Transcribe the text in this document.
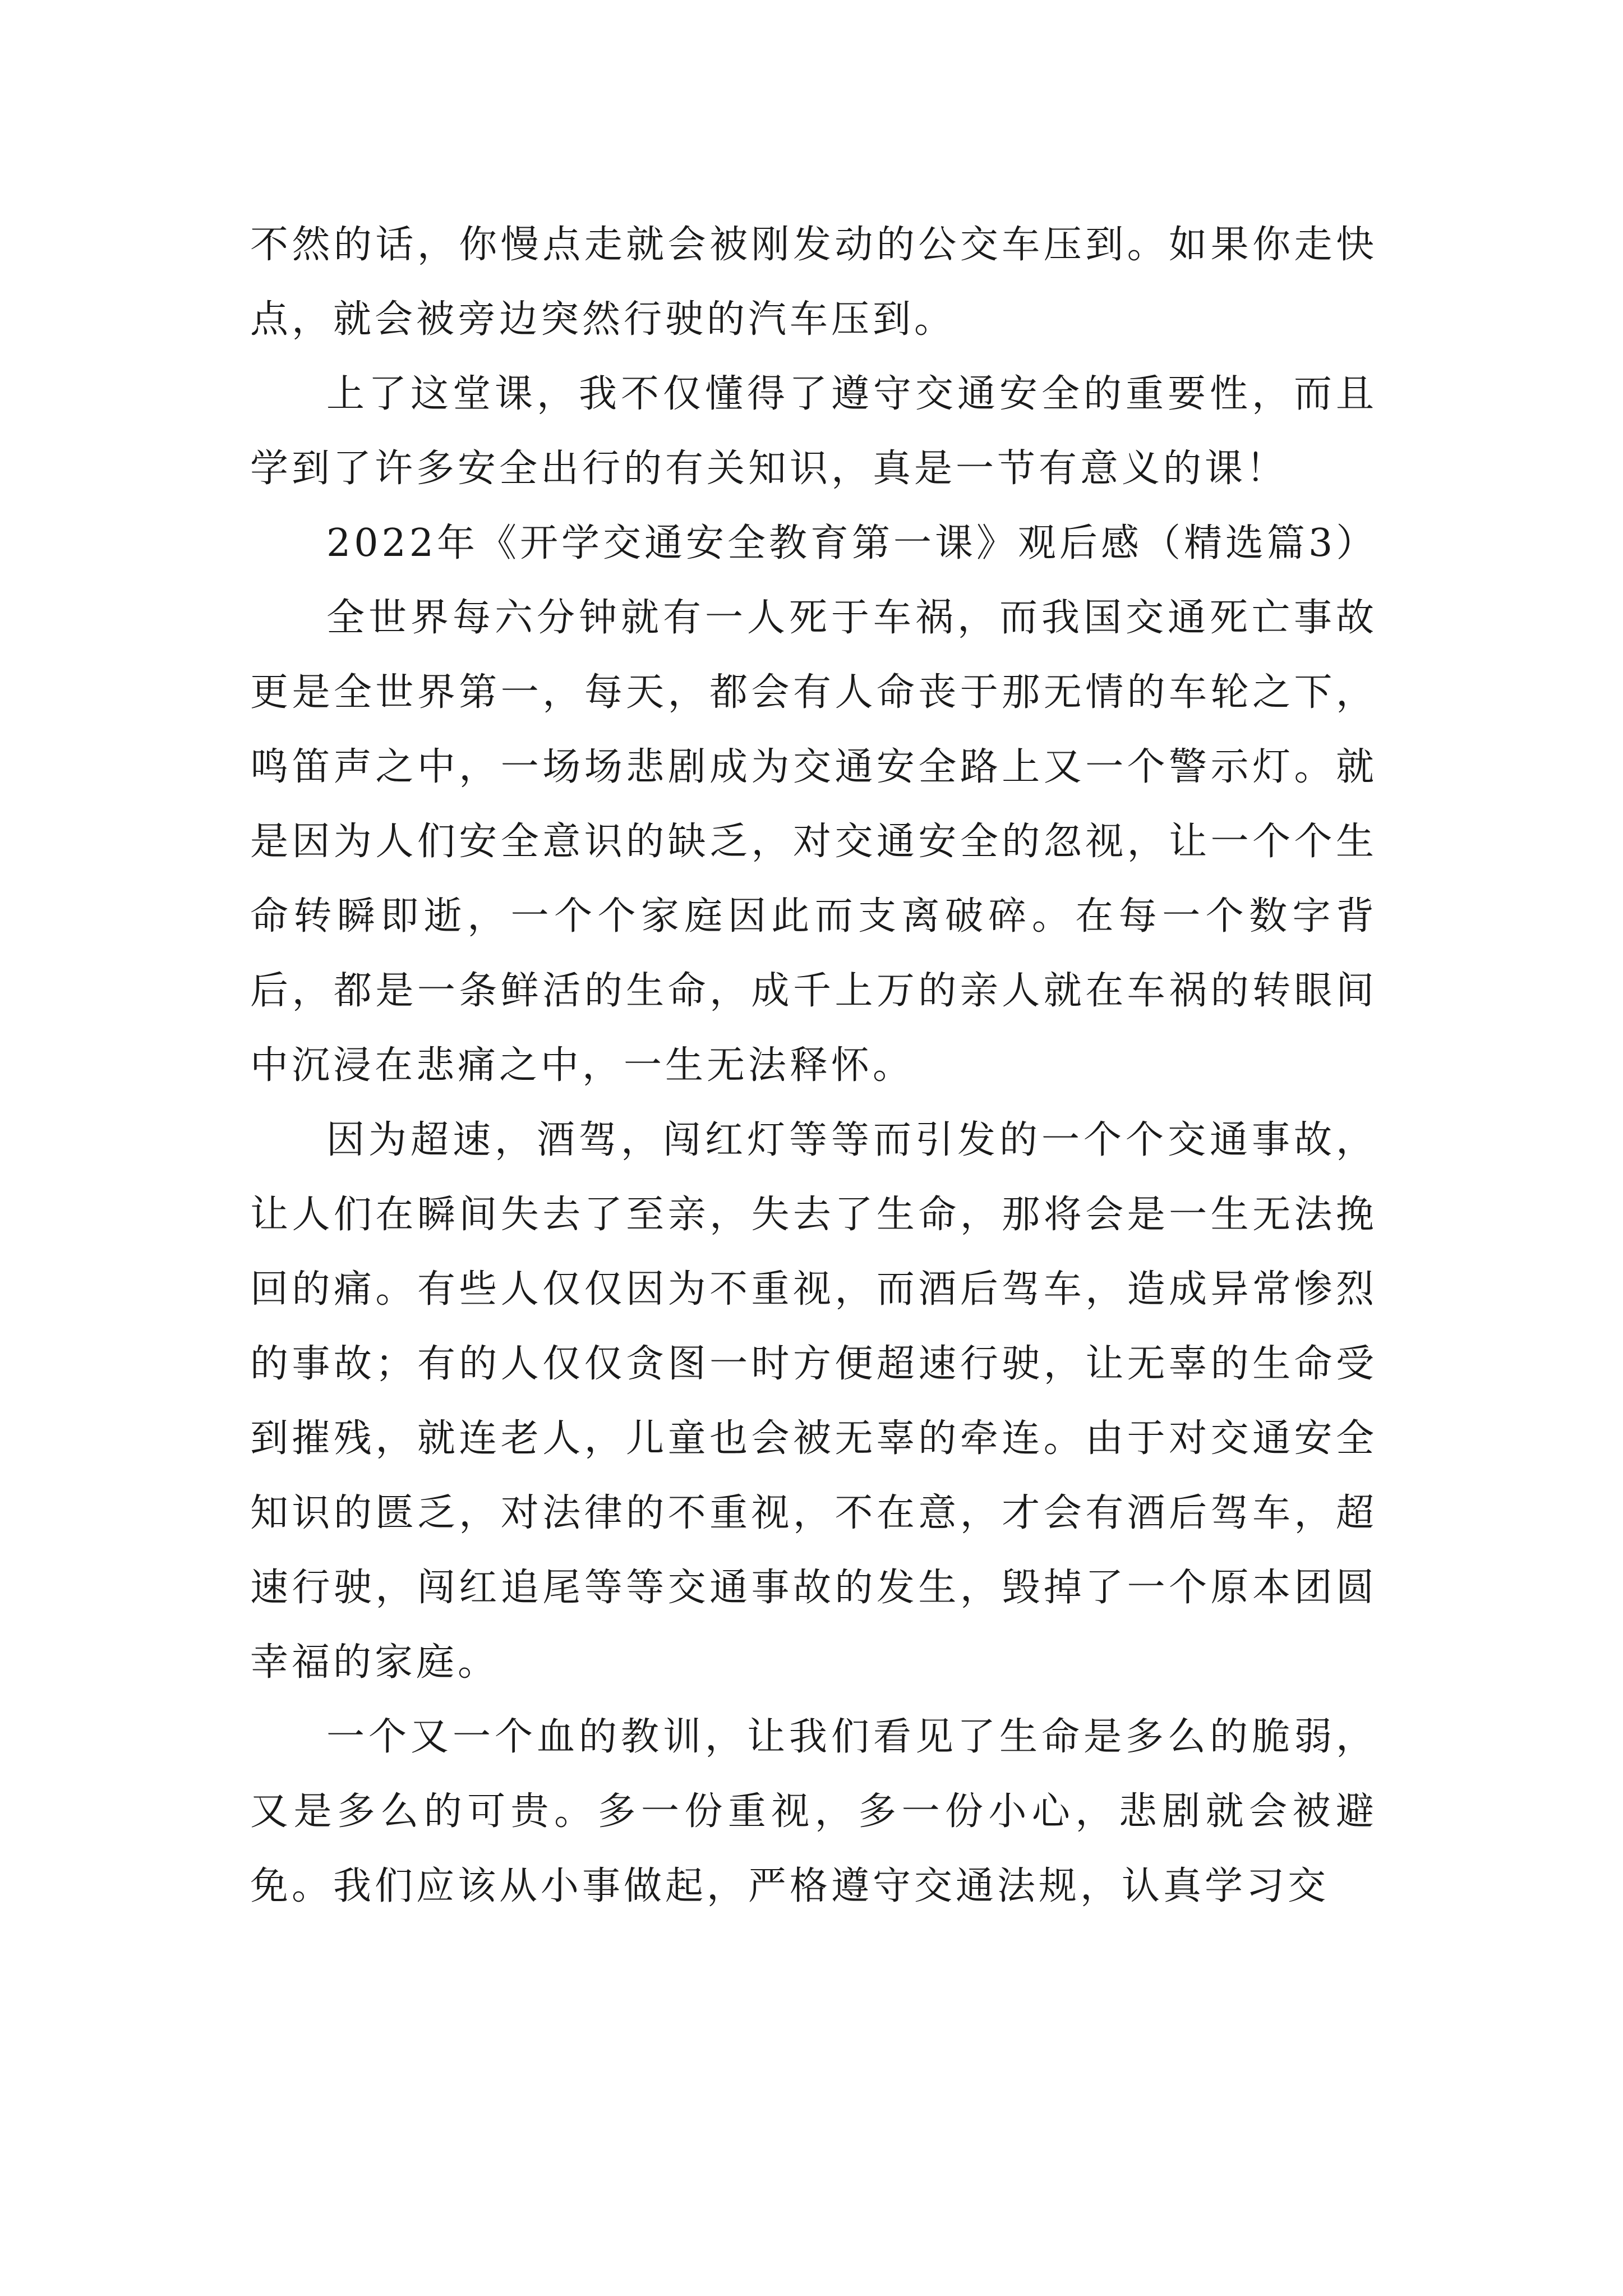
不然的话，你慢点走就会被刚发动的公交车压到。如果你走快点，就会被旁边突然行驶的汽车压到。

上了这堂课，我不仅懂得了遵守交通安全的重要性，而且学到了许多安全出行的有关知识，真是一节有意义的课！

2022年《开学交通安全教育第一课》观后感（精选篇3）

全世界每六分钟就有一人死于车祸，而我国交通死亡事故更是全世界第一，每天，都会有人命丧于那无情的车轮之下，鸣笛声之中，一场场悲剧成为交通安全路上又一个警示灯。就是因为人们安全意识的缺乏，对交通安全的忽视，让一个个生命转瞬即逝，一个个家庭因此而支离破碎。在每一个数字背后，都是一条鲜活的生命，成千上万的亲人就在车祸的转眼间中沉浸在悲痛之中，一生无法释怀。

因为超速，酒驾，闯红灯等等而引发的一个个交通事故，让人们在瞬间失去了至亲，失去了生命，那将会是一生无法挽回的痛。有些人仅仅因为不重视，而酒后驾车，造成异常惨烈的事故；有的人仅仅贪图一时方便超速行驶，让无辜的生命受到摧残，就连老人，儿童也会被无辜的牵连。由于对交通安全知识的匮乏，对法律的不重视，不在意，才会有酒后驾车，超速行驶，闯红追尾等等交通事故的发生，毁掉了一个原本团圆幸福的家庭。

一个又一个血的教训，让我们看见了生命是多么的脆弱，又是多么的可贵。多一份重视，多一份小心，悲剧就会被避免。我们应该从小事做起，严格遵守交通法规，认真学习交
